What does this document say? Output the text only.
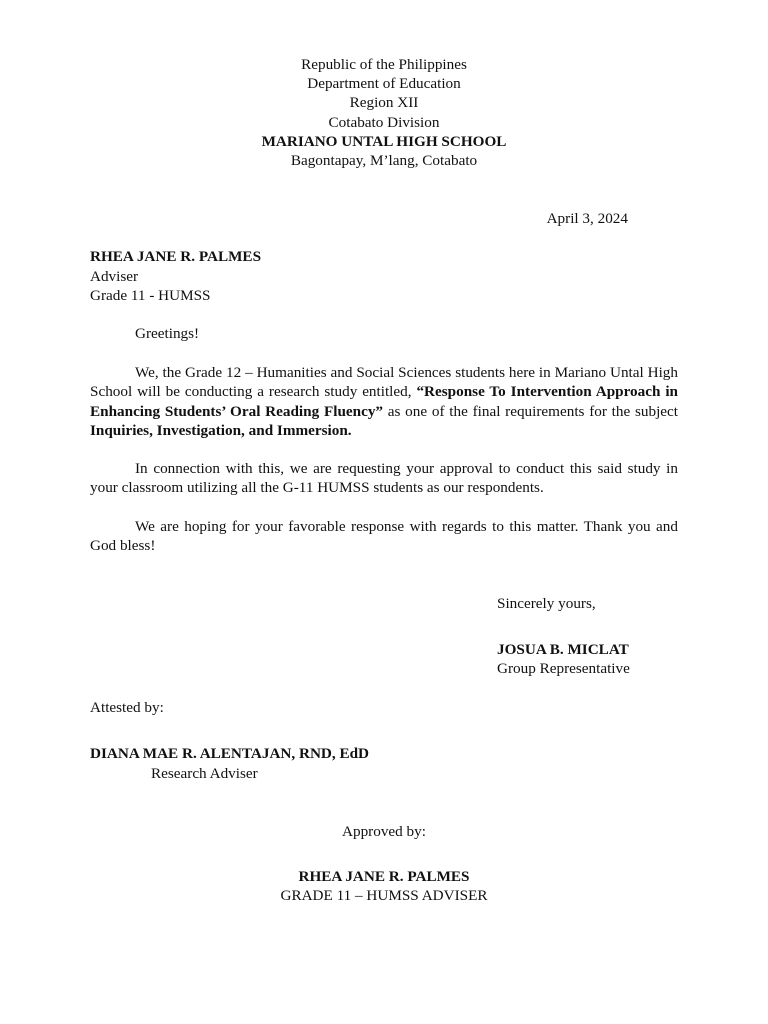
Republic of the Philippines
Department of Education
Region XII
Cotabato Division
MARIANO UNTAL HIGH SCHOOL
Bagontapay, M’lang, Cotabato
April 3, 2024
RHEA JANE R. PALMES
Adviser
Grade 11 - HUMSS
Greetings!
We, the Grade 12 – Humanities and Social Sciences students here in Mariano Untal High School will be conducting a research study entitled, “Response To Intervention Approach in Enhancing Students’ Oral Reading Fluency” as one of the final requirements for the subject Inquiries, Investigation, and Immersion.
In connection with this, we are requesting your approval to conduct this said study in your classroom utilizing all the G-11 HUMSS students as our respondents.
We are hoping for your favorable response with regards to this matter. Thank you and God bless!
Sincerely yours,
JOSUA B. MICLAT
Group Representative
Attested by:
DIANA MAE R. ALENTAJAN, RND, EdD
Research Adviser
Approved by:
RHEA JANE R. PALMES
GRADE 11 – HUMSS ADVISER
